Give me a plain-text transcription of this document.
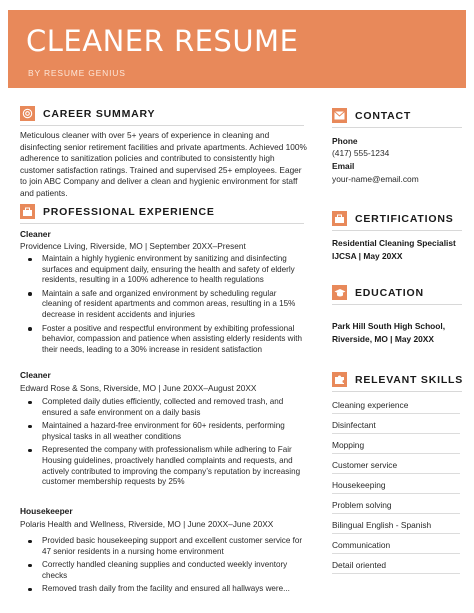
CLEANER RESUME
BY RESUME GENIUS
CAREER SUMMARY
Meticulous cleaner with over 5+ years of experience in cleaning and disinfecting senior retirement facilities and private apartments. Achieved 100% adherence to sanitization policies and contributed to consistently high customer satisfaction ratings. Trained and supervised 25+ employees. Eager to join ABC Company and deliver a clean and hygienic environment for staff and patients.
PROFESSIONAL EXPERIENCE
Cleaner
Providence Living, Riverside, MO | September 20XX–Present
Maintain a highly hygienic environment by sanitizing and disinfecting surfaces and equipment daily, ensuring the health and safety of elderly residents, resulting in a 100% adherence to health regulations
Maintain a safe and organized environment by scheduling regular cleaning of resident apartments and common areas, resulting in a 15% decrease in resident accidents and injuries
Foster a positive and respectful environment by exhibiting professional behavior, compassion and patience when assisting elderly residents with their needs, leading to a 30% increase in resident satisfaction
Cleaner
Edward Rose & Sons, Riverside, MO | June 20XX–August 20XX
Completed daily duties efficiently, collected and removed trash, and ensured a safe environment on a daily basis
Maintained a hazard-free environment for 60+ residents, performing physical tasks in all weather conditions
Represented the company with professionalism while adhering to Fair Housing guidelines, proactively handled complaints and requests, and actively contributed to improving the company’s reputation by increasing customer membership requests by 25%
Housekeeper
Polaris Health and Wellness, Riverside, MO | June 20XX–June 20XX
Provided basic housekeeping support and excellent customer service for 47 senior residents in a nursing home environment
Correctly handled cleaning supplies and conducted weekly inventory checks
Removed trash daily from the facility and ensured all hallways were...
CONTACT
Phone
(417) 555-1234
Email
your-name@email.com
CERTIFICATIONS
Residential Cleaning Specialist IJCSA | May 20XX
EDUCATION
Park Hill South High School, Riverside, MO | May 20XX
RELEVANT SKILLS
Cleaning experience
Disinfectant
Mopping
Customer service
Housekeeping
Problem solving
Bilingual English - Spanish
Communication
Detail oriented
